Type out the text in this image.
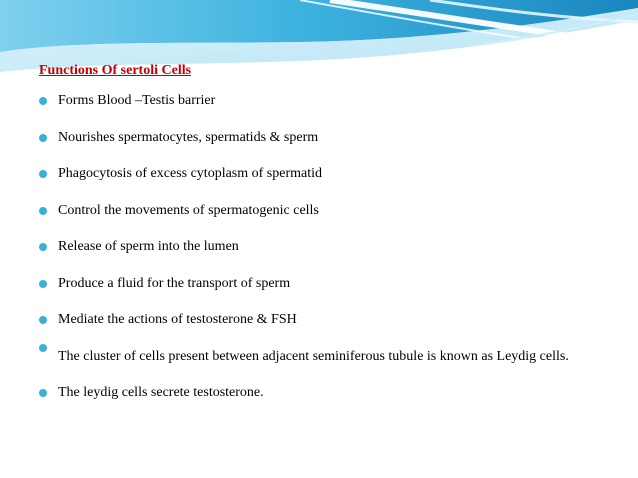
Functions Of sertoli Cells
Forms Blood –Testis barrier
Nourishes spermatocytes, spermatids & sperm
Phagocytosis of excess cytoplasm of spermatid
Control the movements of spermatogenic cells
Release of sperm into the lumen
Produce a fluid for the transport of sperm
Mediate the actions of testosterone & FSH
The cluster of cells present between adjacent seminiferous tubule is known as Leydig cells.
The leydig cells secrete testosterone.
